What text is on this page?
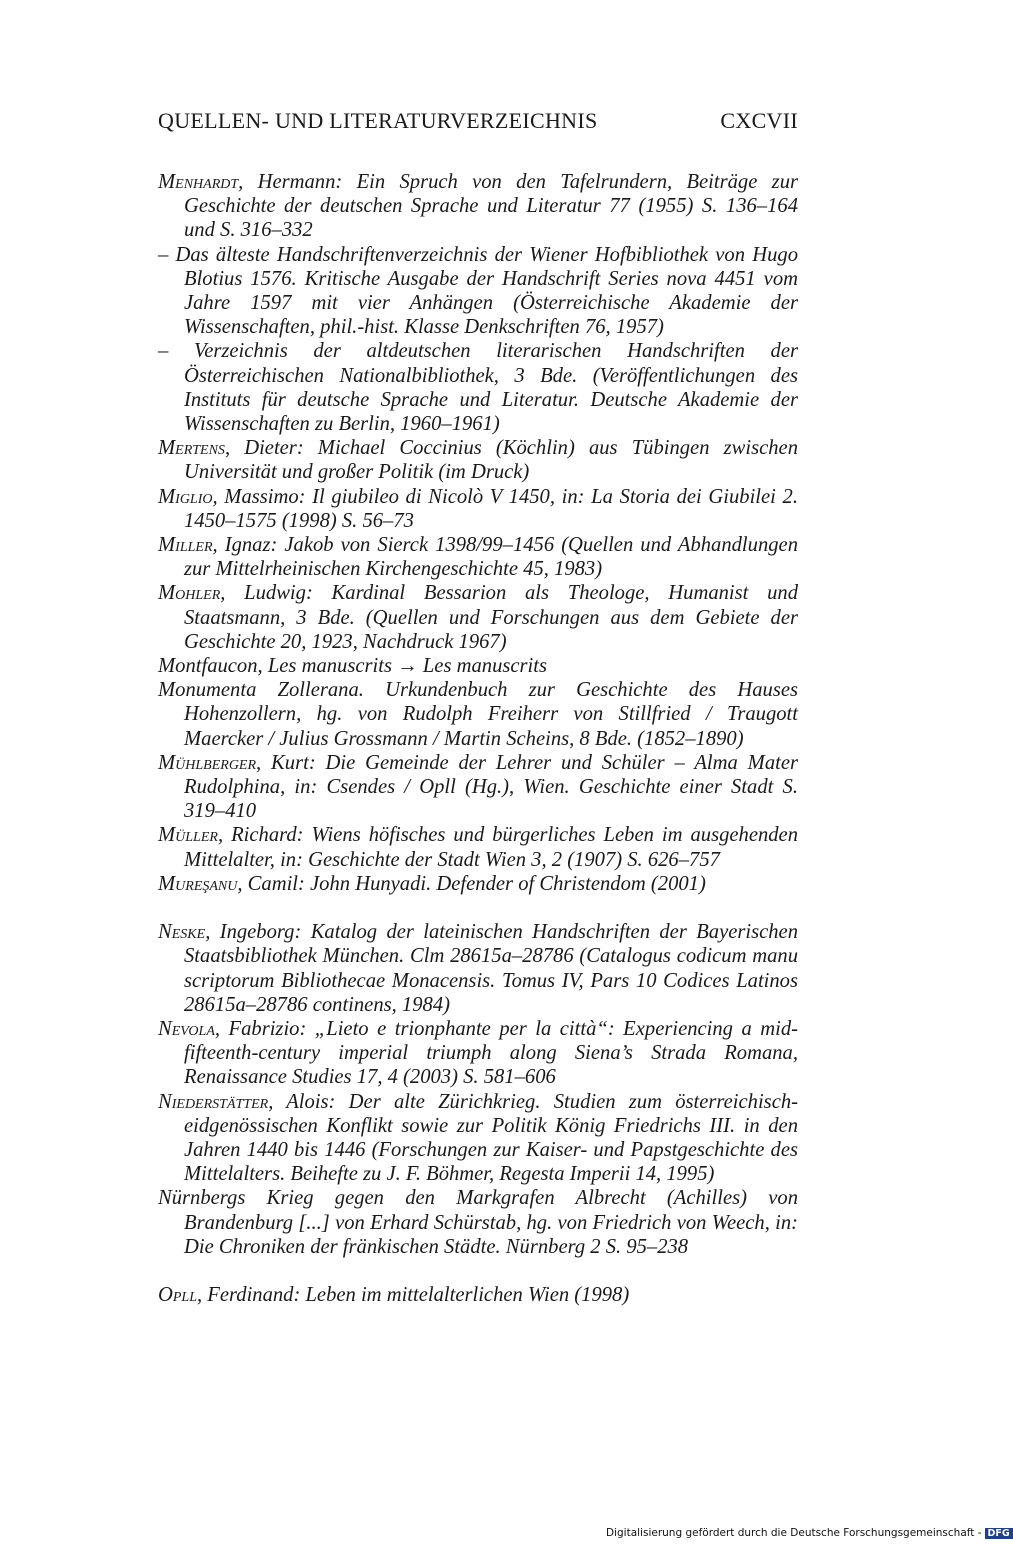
QUELLEN- UND LITERATURVERZEICHNIS	CXCVII

Menhardt, Hermann: Ein Spruch von den Tafelrundern, Beiträge zur Geschichte der deutschen Sprache und Literatur 77 (1955) S. 136–164 und S. 316–332

– Das älteste Handschriftenverzeichnis der Wiener Hofbibliothek von Hugo Blotius 1576. Kritische Ausgabe der Handschrift Series nova 4451 vom Jahre 1597 mit vier Anhängen (Österreichische Akademie der Wissenschaften, phil.-hist. Klasse Denkschriften 76, 1957)

– Verzeichnis der altdeutschen literarischen Handschriften der Österreichischen Nationalbibliothek, 3 Bde. (Veröffentlichungen des Instituts für deutsche Sprache und Literatur. Deutsche Akademie der Wissenschaften zu Berlin, 1960–1961)

Mertens, Dieter: Michael Coccinius (Köchlin) aus Tübingen zwischen Universität und großer Politik (im Druck)

Miglio, Massimo: Il giubileo di Nicolò V 1450, in: La Storia dei Giubilei 2. 1450–1575 (1998) S. 56–73

Miller, Ignaz: Jakob von Sierck 1398/99–1456 (Quellen und Abhandlungen zur Mittelrheinischen Kirchengeschichte 45, 1983)

Mohler, Ludwig: Kardinal Bessarion als Theologe, Humanist und Staatsmann, 3 Bde. (Quellen und Forschungen aus dem Gebiete der Geschichte 20, 1923, Nachdruck 1967)

Montfaucon, Les manuscrits → Les manuscrits

Monumenta Zollerana. Urkundenbuch zur Geschichte des Hauses Hohenzollern, hg. von Rudolph Freiherr von Stillfried / Traugott Maercker / Julius Grossmann / Martin Scheins, 8 Bde. (1852–1890)

Mühlberger, Kurt: Die Gemeinde der Lehrer und Schüler – Alma Mater Rudolphina, in: Csendes / Opll (Hg.), Wien. Geschichte einer Stadt S. 319–410

Müller, Richard: Wiens höfisches und bürgerliches Leben im ausgehenden Mittelalter, in: Geschichte der Stadt Wien 3, 2 (1907) S. 626–757

Mureşanu, Camil: John Hunyadi. Defender of Christendom (2001)

Neske, Ingeborg: Katalog der lateinischen Handschriften der Bayerischen Staatsbibliothek München. Clm 28615a–28786 (Catalogus codicum manu scriptorum Bibliothecae Monacensis. Tomus IV, Pars 10 Codices Latinos 28615a–28786 continens, 1984)

Nevola, Fabrizio: „Lieto e trionphante per la città“: Experiencing a mid-fifteenth-century imperial triumph along Siena’s Strada Romana, Renaissance Studies 17, 4 (2003) S. 581–606

Niederstätter, Alois: Der alte Zürichkrieg. Studien zum österreichisch-eidgenössischen Konflikt sowie zur Politik König Friedrichs III. in den Jahren 1440 bis 1446 (Forschungen zur Kaiser- und Papstgeschichte des Mittelalters. Beihefte zu J. F. Böhmer, Regesta Imperii 14, 1995)

Nürnbergs Krieg gegen den Markgrafen Albrecht (Achilles) von Brandenburg [...] von Erhard Schürstab, hg. von Friedrich von Weech, in: Die Chroniken der fränkischen Städte. Nürnberg 2 S. 95–238

Opll, Ferdinand: Leben im mittelalterlichen Wien (1998)

Digitalisierung gefördert durch die Deutsche Forschungsgemeinschaft - DFG
